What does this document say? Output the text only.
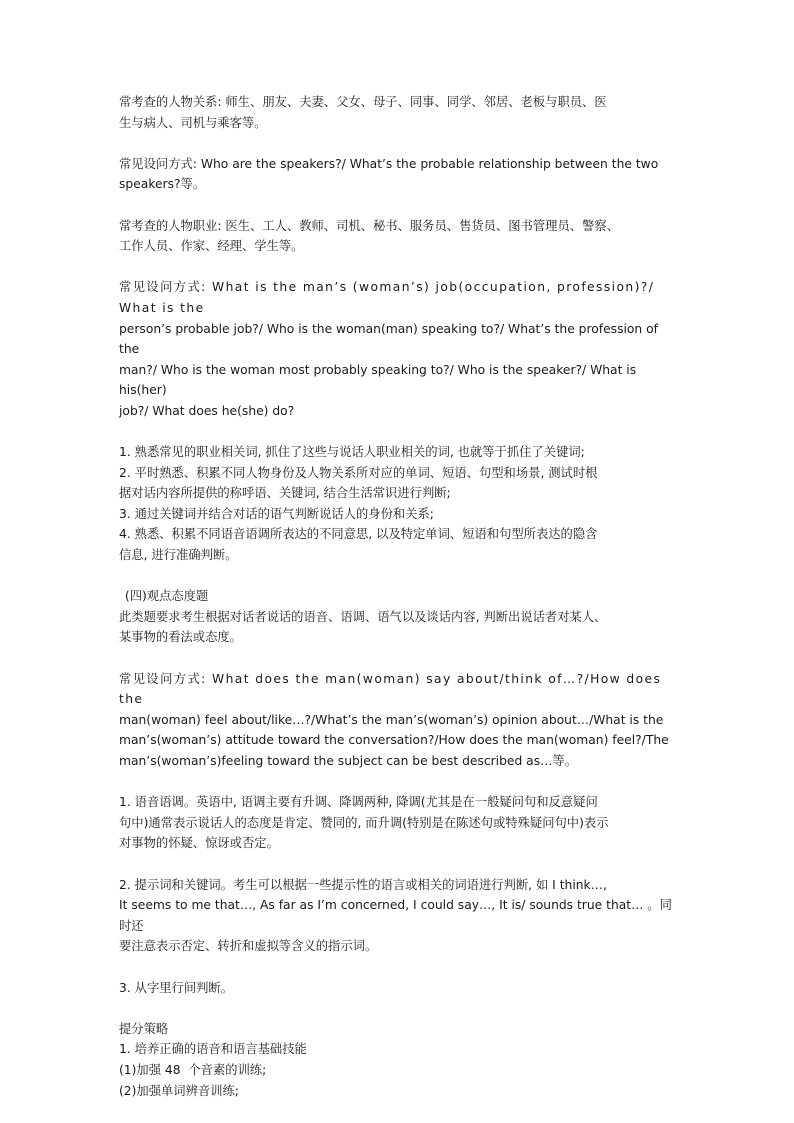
常考查的人物关系: 师生、朋友、夫妻、父女、母子、同事、同学、邻居、老板与职员、医

生与病人、司机与乘客等。

常见设问方式: Who are the speakers?/ What’s the probable relationship between the two

speakers?等。

常考查的人物职业: 医生、工人、教师、司机、秘书、服务员、售货员、图书管理员、警察、

工作人员、作家、经理、学生等。

常见设问方式: What is the man’s (woman’s) job(occupation, profession)?/ What is the

person’s probable job?/ Who is the woman(man) speaking to?/ What’s the profession of the

man?/ Who is the woman most probably speaking to?/ Who is the speaker?/ What is his(her)

job?/ What does he(she) do?

1. 熟悉常见的职业相关词, 抓住了这些与说话人职业相关的词, 也就等于抓住了关键词;

2. 平时熟悉、积累不同人物身份及人物关系所对应的单词、短语、句型和场景, 测试时根

据对话内容所提供的称呼语、关键词, 结合生活常识进行判断;

3. 通过关键词并结合对话的语气判断说话人的身份和关系;

4. 熟悉、积累不同语音语调所表达的不同意思, 以及特定单词、短语和句型所表达的隐含

信息, 进行准确判断。

(四)观点态度题

此类题要求考生根据对话者说话的语音、语调、语气以及谈话内容, 判断出说话者对某人、

某事物的看法或态度。

常见设问方式: What does the man(woman) say about/think of…?/How does the

man(woman) feel about/like…?/What’s the man’s(woman’s) opinion about…/What is the

man’s(woman’s) attitude toward the conversation?/How does the man(woman) feel?/The

man’s(woman’s)feeling toward the subject can be best described as…等。

1. 语音语调。英语中, 语调主要有升调、降调两种, 降调(尤其是在一般疑问句和反意疑问

句中)通常表示说话人的态度是肯定、赞同的, 而升调(特别是在陈述句或特殊疑问句中)表示

对事物的怀疑、惊讶或否定。

2. 提示词和关键词。考生可以根据一些提示性的语言或相关的词语进行判断, 如 I think…,

It seems to me that…, As far as I’m concerned, I could say…, It is/ sounds true that… 。同时还

要注意表示否定、转折和虚拟等含义的指示词。

3. 从字里行间判断。

提分策略

1. 培养正确的语音和语言基础技能

(1)加强 48  个音素的训练;

(2)加强单词辨音训练;
